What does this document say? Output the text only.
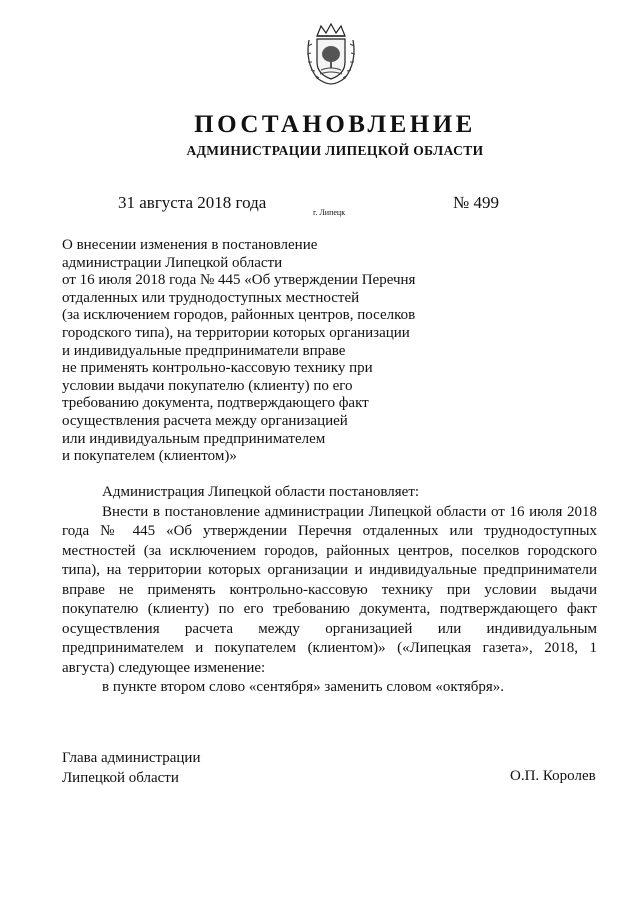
ПОСТАНОВЛЕНИЕ
АДМИНИСТРАЦИИ ЛИПЕЦКОЙ ОБЛАСТИ
31 августа 2018 года
г. Липецк
№ 499
О внесении изменения в постановление
администрации Липецкой области
от 16 июля 2018 года № 445 «Об утверждении Перечня
отдаленных или труднодоступных местностей
(за исключением городов, районных центров, поселков
городского типа), на территории которых организации
и индивидуальные предприниматели вправе
не применять контрольно-кассовую технику при
условии выдачи покупателю (клиенту) по его
требованию документа, подтверждающего факт
осуществления расчета между организацией
или индивидуальным предпринимателем
и покупателем (клиентом)»
Администрация Липецкой области постановляет:
Внести в постановление администрации Липецкой области от 16 июля 2018 года № 445 «Об утверждении Перечня отдаленных или труднодоступных местностей (за исключением городов, районных центров, поселков городского типа), на территории которых организации и индивидуальные предприниматели вправе не применять контрольно-кассовую технику при условии выдачи покупателю (клиенту) по его требованию документа, подтверждающего факт осуществления расчета между организацией или индивидуальным предпринимателем и покупателем (клиентом)» («Липецкая газета», 2018, 1 августа) следующее изменение:
в пункте втором слово «сентября» заменить словом «октября».
Глава администрации
Липецкой области	О.П. Королев
